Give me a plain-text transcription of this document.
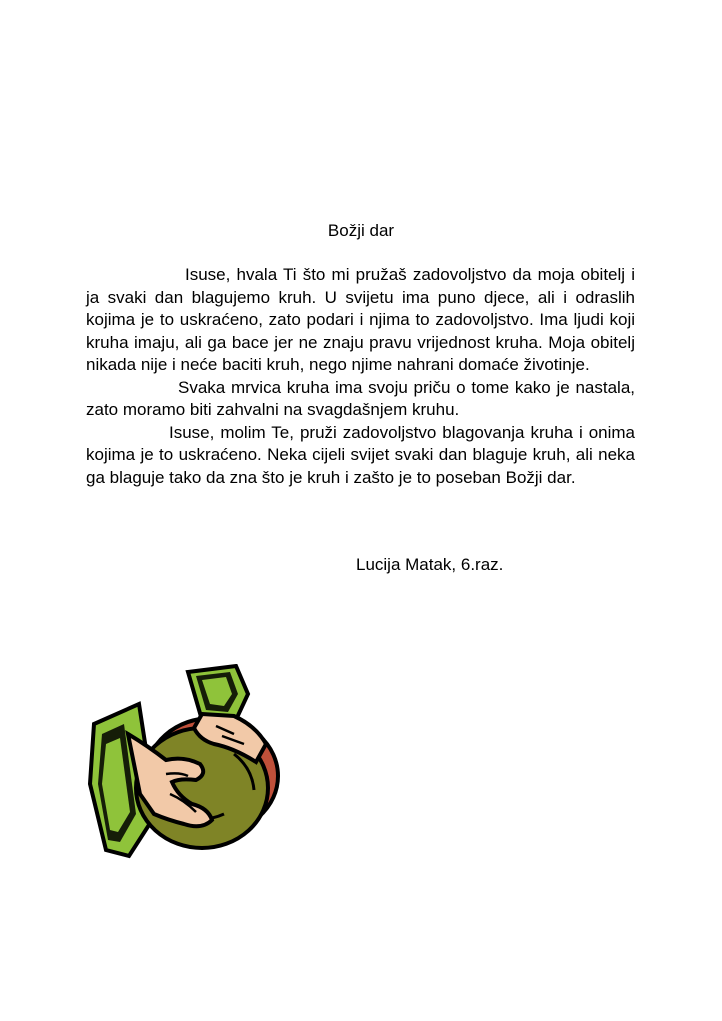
Božji dar

Isuse, hvala Ti što mi pružaš zadovoljstvo da moja obitelj i ja svaki dan blagujemo kruh. U svijetu ima puno djece, ali i odraslih kojima je to uskraćeno, zato podari i njima to zadovoljstvo. Ima ljudi koji kruha imaju, ali ga bace jer ne znaju pravu vrijednost kruha. Moja obitelj nikada nije i neće baciti kruh, nego njime nahrani domaće životinje.

Svaka mrvica kruha ima svoju priču o tome kako je nastala, zato moramo biti zahvalni na svagdašnjem kruhu.

Isuse, molim Te, pruži zadovoljstvo blagovanja kruha i onima kojima je to uskraćeno. Neka cijeli svijet svaki dan blaguje kruh, ali neka ga blaguje tako da zna što je kruh i zašto je to poseban Božji dar.

Lucija Matak, 6.raz.
